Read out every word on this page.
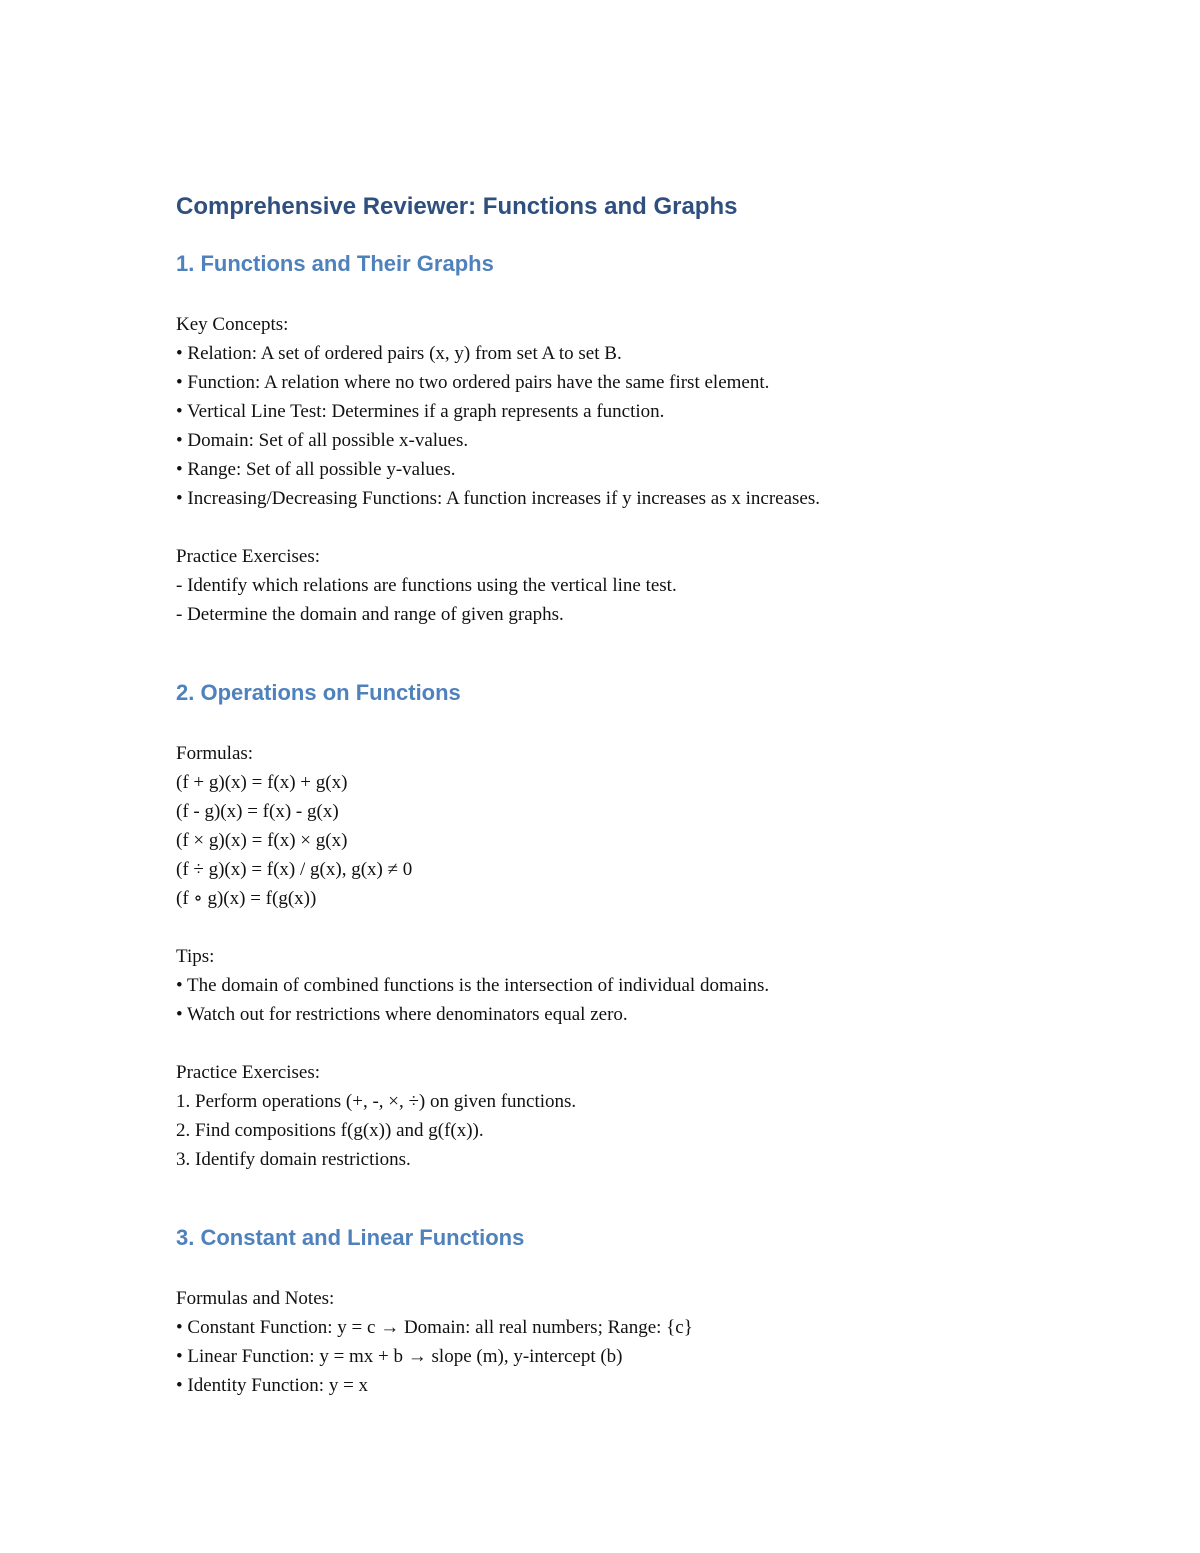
Comprehensive Reviewer: Functions and Graphs
1. Functions and Their Graphs

Key Concepts:

• Relation: A set of ordered pairs (x, y) from set A to set B.

• Function: A relation where no two ordered pairs have the same first element.

• Vertical Line Test: Determines if a graph represents a function.

• Domain: Set of all possible x-values.

• Range: Set of all possible y-values.

• Increasing/Decreasing Functions: A function increases if y increases as x increases.

Practice Exercises:

- Identify which relations are functions using the vertical line test.

- Determine the domain and range of given graphs.

2. Operations on Functions

Formulas:

(f + g)(x) = f(x) + g(x)

(f - g)(x) = f(x) - g(x)

(f × g)(x) = f(x) × g(x)

(f ÷ g)(x) = f(x) / g(x), g(x) ≠ 0

(f ∘ g)(x) = f(g(x))

Tips:

• The domain of combined functions is the intersection of individual domains.

• Watch out for restrictions where denominators equal zero.

Practice Exercises:

1. Perform operations (+, -, ×, ÷) on given functions.

2. Find compositions f(g(x)) and g(f(x)).

3. Identify domain restrictions.

3. Constant and Linear Functions

Formulas and Notes:

• Constant Function: y = c → Domain: all real numbers; Range: {c}

• Linear Function: y = mx + b → slope (m), y-intercept (b)

• Identity Function: y = x
